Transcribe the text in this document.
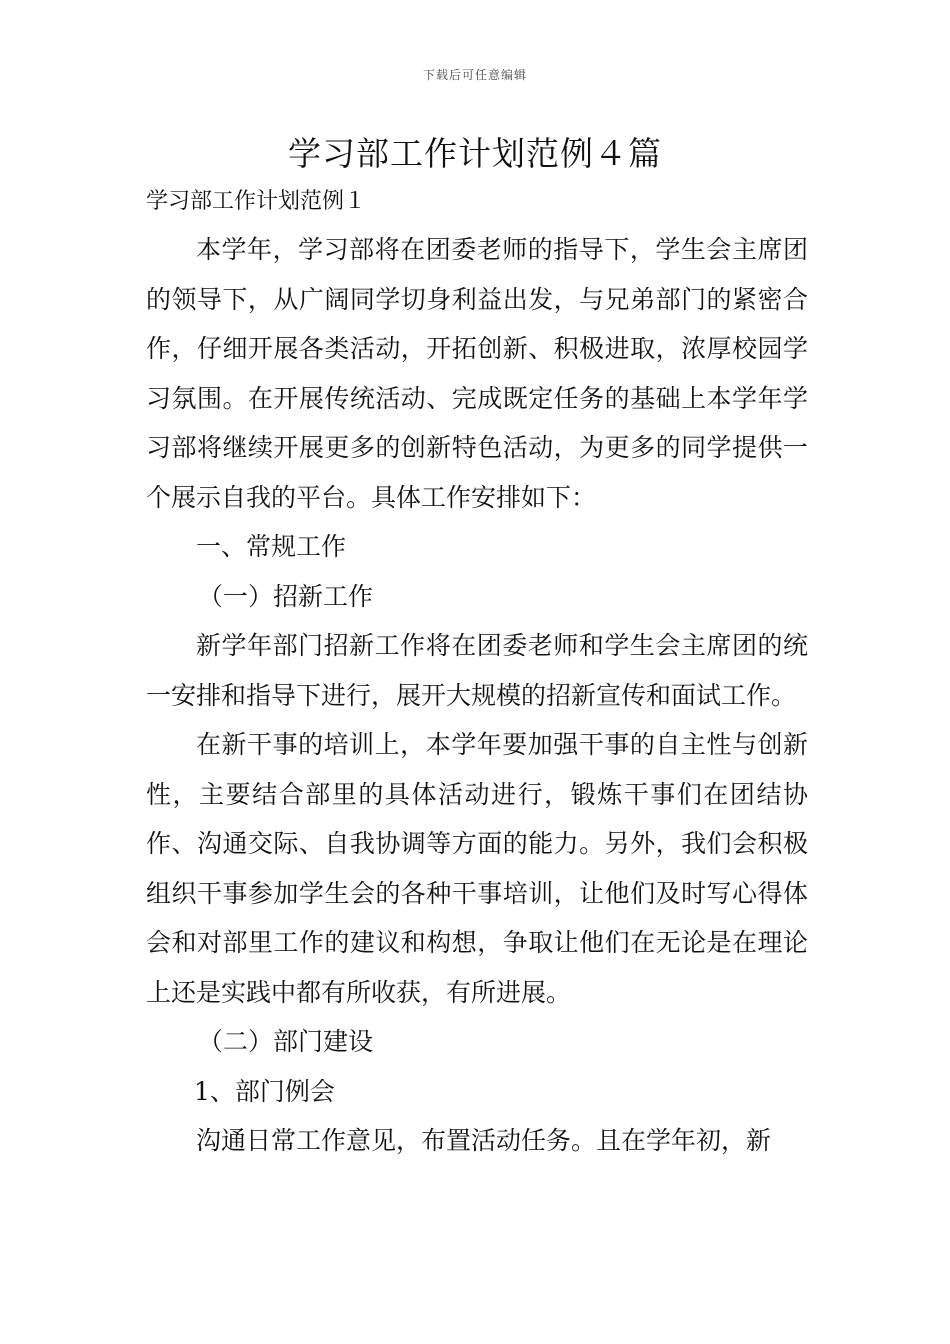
下载后可任意编辑
学习部工作计划范例４篇
学习部工作计划范例１

本学年，学习部将在团委老师的指导下，学生会主席团的领导下，从广阔同学切身利益出发，与兄弟部门的紧密合作，仔细开展各类活动，开拓创新、积极进取，浓厚校园学习氛围。在开展传统活动、完成既定任务的基础上本学年学习部将继续开展更多的创新特色活动，为更多的同学提供一个展示自我的平台。具体工作安排如下：

一、常规工作

（一）招新工作

新学年部门招新工作将在团委老师和学生会主席团的统一安排和指导下进行，展开大规模的招新宣传和面试工作。

在新干事的培训上，本学年要加强干事的自主性与创新性，主要结合部里的具体活动进行，锻炼干事们在团结协作、沟通交际、自我协调等方面的能力。另外，我们会积极组织干事参加学生会的各种干事培训，让他们及时写心得体会和对部里工作的建议和构想，争取让他们在无论是在理论上还是实践中都有所收获，有所进展。

（二）部门建设

1、部门例会

沟通日常工作意见，布置活动任务。且在学年初，新
